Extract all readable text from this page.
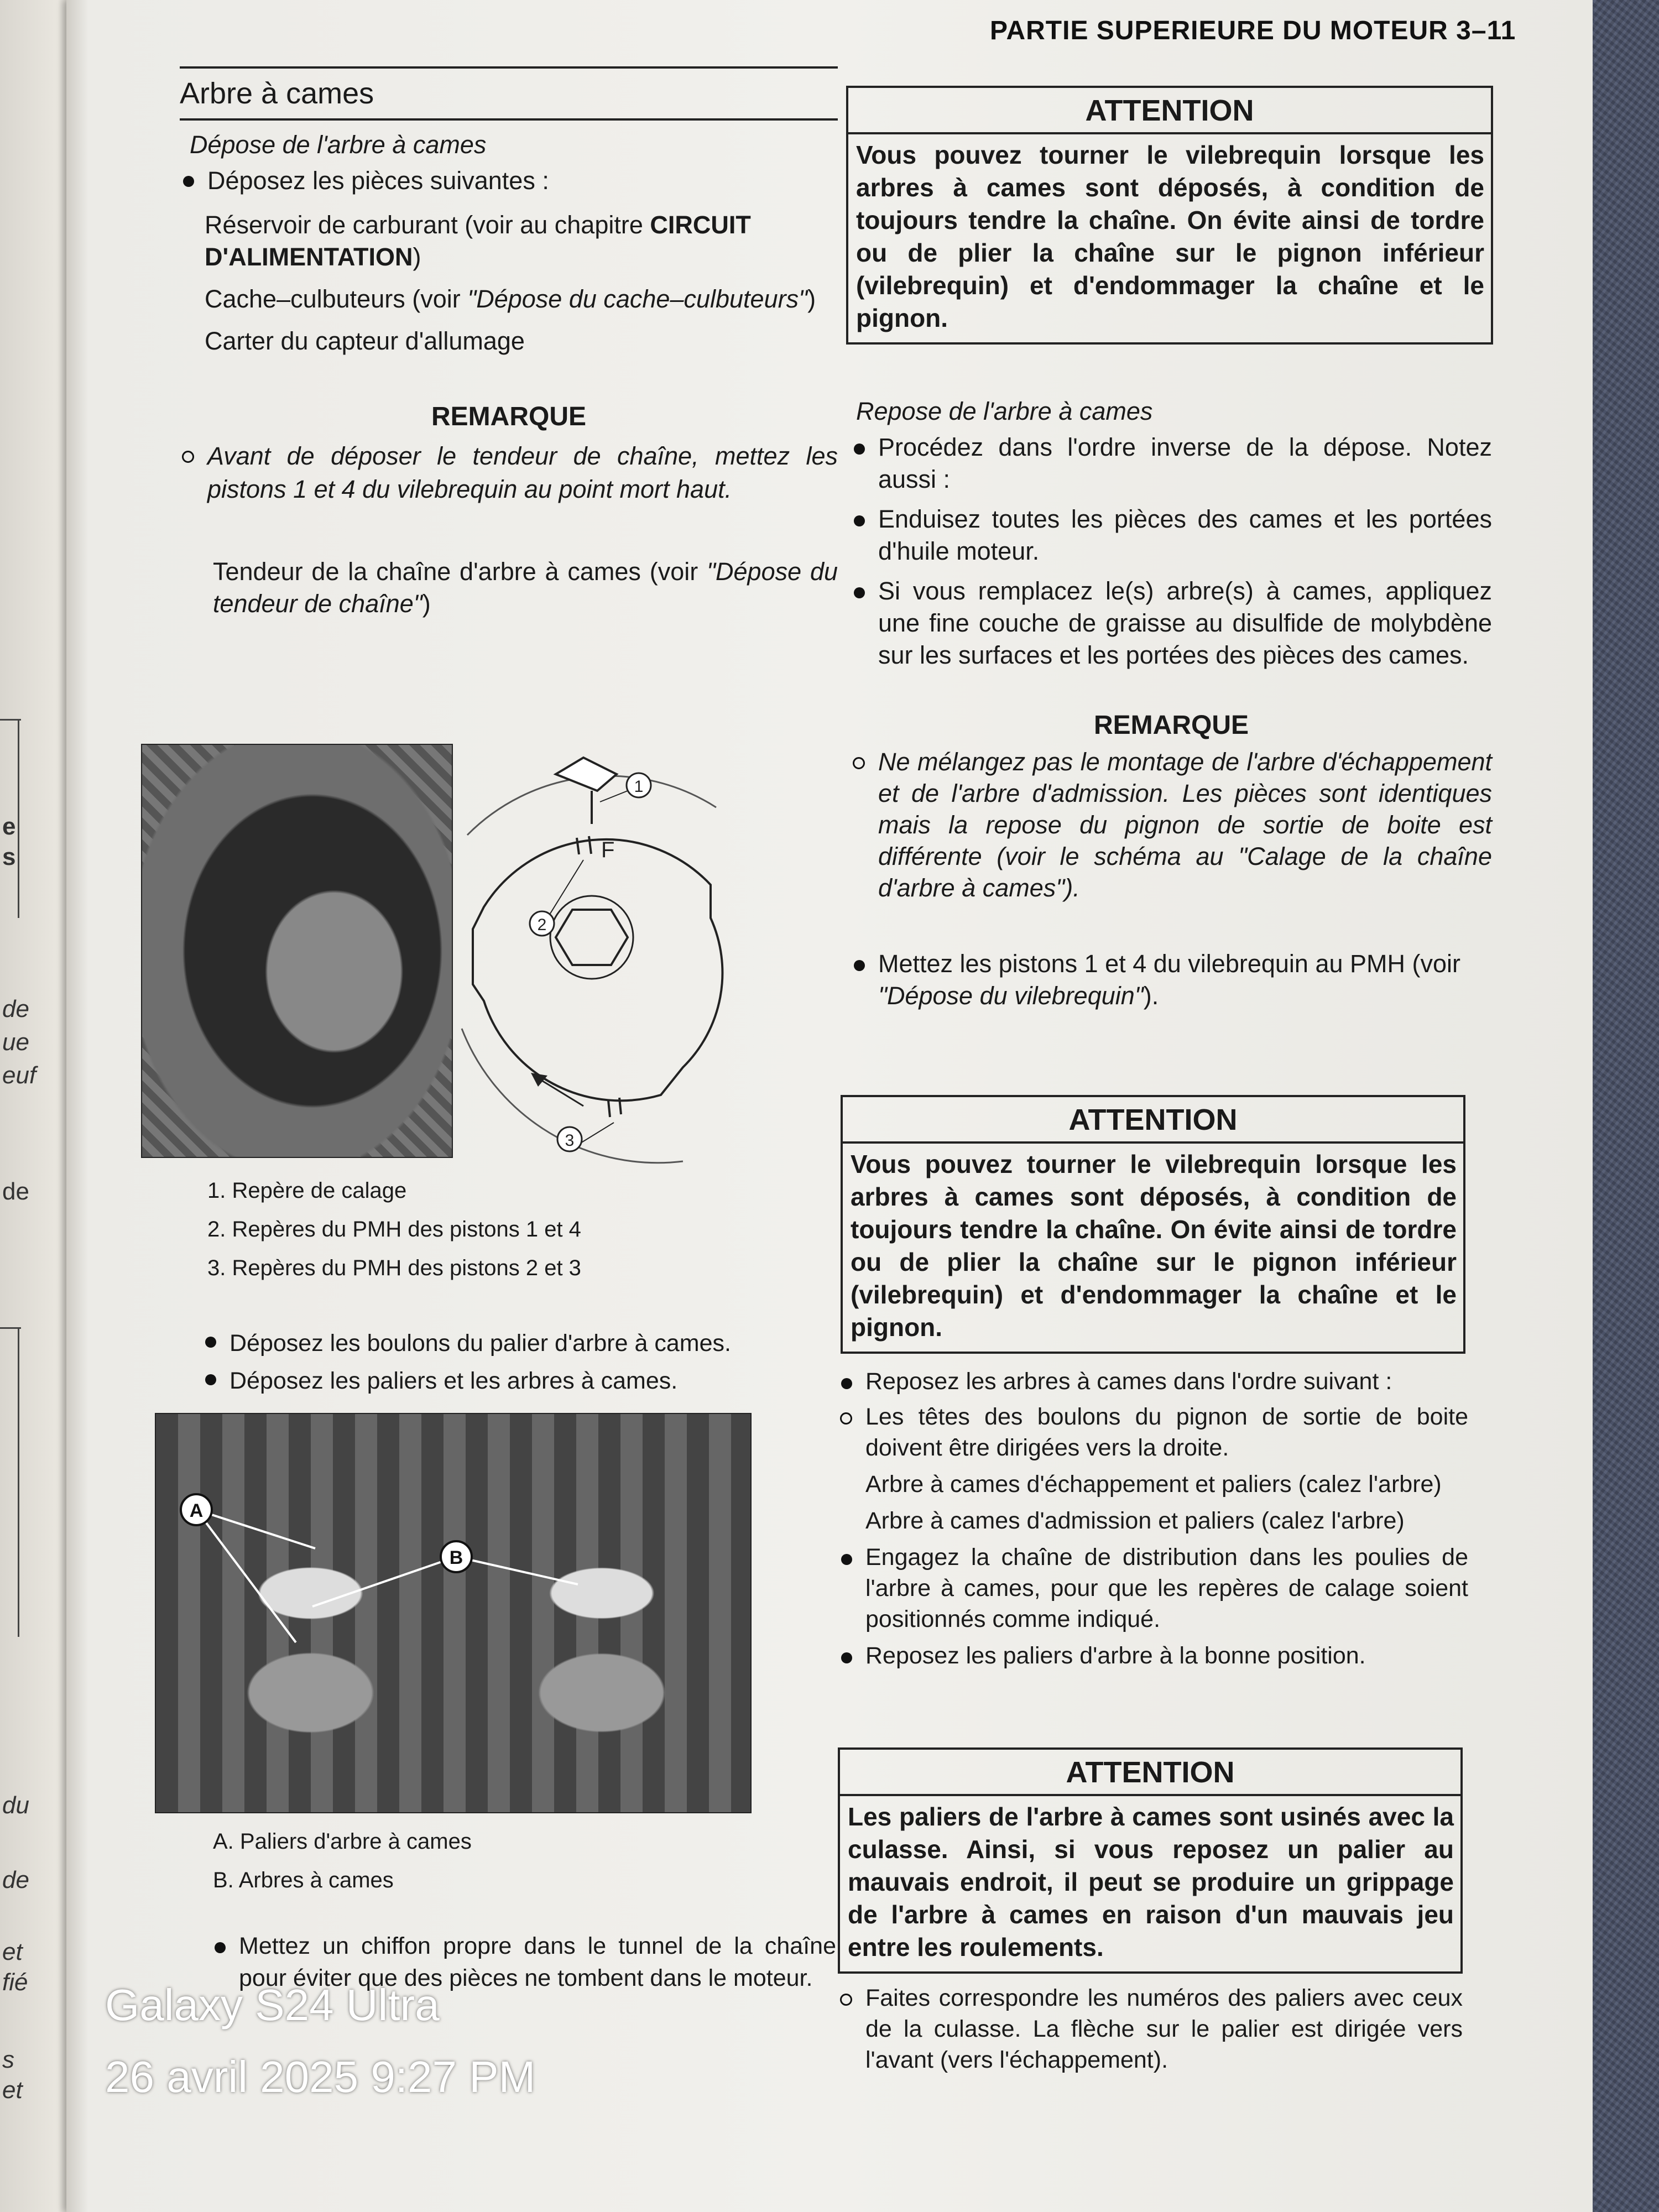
e
s
de
ue
euf
de
du
de
et
fié
s
et
PARTIE SUPERIEURE DU MOTEUR 3–11
Arbre à cames
Dépose de l'arbre à cames
Déposez les pièces suivantes :
Réservoir de carburant (voir au chapitre CIRCUIT D'ALIMENTATION)
Cache–culbuteurs (voir "Dépose du cache–culbuteurs")
Carter du capteur d'allumage
REMARQUE
Avant de déposer le tendeur de chaîne, mettez les pistons 1 et 4 du vilebrequin au point mort haut.
Tendeur de la chaîne d'arbre à cames (voir "Dépose du tendeur de chaîne")
F
1
2
3
1. Repère de calage
2. Repères du PMH des pistons 1 et 4
3. Repères du PMH des pistons 2 et 3
Déposez les boulons du palier d'arbre à cames.
Déposez les paliers et les arbres à cames.
A
B
A. Paliers d'arbre à cames
B. Arbres à cames
Mettez un chiffon propre dans le tunnel de la chaîne pour éviter que des pièces ne tombent dans le moteur.
ATTENTION
Vous pouvez tourner le vilebrequin lorsque les arbres à cames sont déposés, à condition de toujours tendre la chaîne. On évite ainsi de tordre ou de plier la chaîne sur le pignon inférieur (vilebrequin) et d'endommager la chaîne et le pignon.
Repose de l'arbre à cames
Procédez dans l'ordre inverse de la dépose. Notez aussi :
Enduisez toutes les pièces des cames et les portées d'huile moteur.
Si vous remplacez le(s) arbre(s) à cames, appliquez une fine couche de graisse au disulfide de molybdène sur les surfaces et les portées des pièces des cames.
REMARQUE
Ne mélangez pas le montage de l'arbre d'échappement et de l'arbre d'admission. Les pièces sont identiques mais la repose du pignon de sortie de boite est différente (voir le schéma au "Calage de la chaîne d'arbre à cames").
Mettez les pistons 1 et 4 du vilebrequin au PMH (voir "Dépose du vilebrequin").
ATTENTION
Vous pouvez tourner le vilebrequin lorsque les arbres à cames sont déposés, à condition de toujours tendre la chaîne. On évite ainsi de tordre ou de plier la chaîne sur le pignon inférieur (vilebrequin) et d'endommager la chaîne et le pignon.
Reposez les arbres à cames dans l'ordre suivant :
Les têtes des boulons du pignon de sortie de boite doivent être dirigées vers la droite.
Arbre à cames d'échappement et paliers (calez l'arbre)
Arbre à cames d'admission et paliers (calez l'arbre)
Engagez la chaîne de distribution dans les poulies de l'arbre à cames, pour que les repères de calage soient positionnés comme indiqué.
Reposez les paliers d'arbre à la bonne position.
ATTENTION
Les paliers de l'arbre à cames sont usinés avec la culasse. Ainsi, si vous reposez un palier au mauvais endroit, il peut se produire un grippage de l'arbre à cames en raison d'un mauvais jeu entre les roulements.
Faites correspondre les numéros des paliers avec ceux de la culasse. La flèche sur le palier est dirigée vers l'avant (vers l'échappement).
Galaxy S24 Ultra
26 avril 2025 9:27 PM
